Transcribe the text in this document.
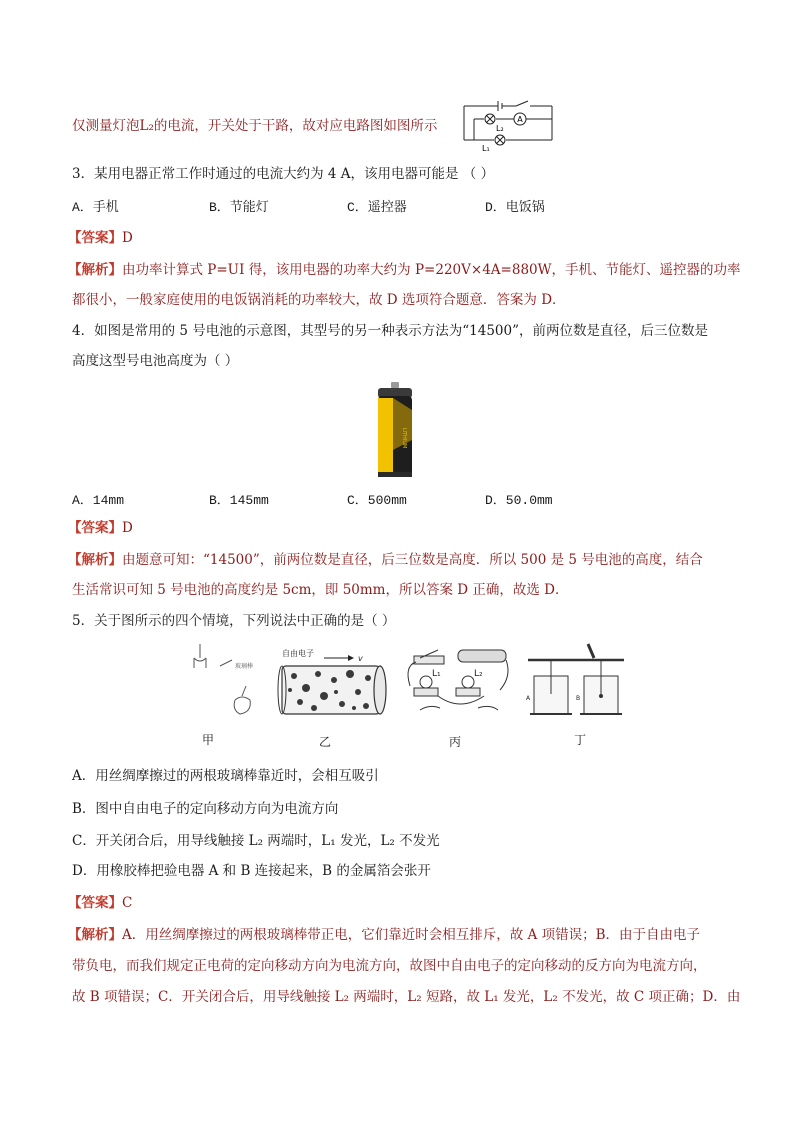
仅测量灯泡L₂的电流，开关处于干路，故对应电路图如图所示	A
L₂
L₁
3．某用电器正常工作时通过的电流大约为 4 A，该用电器可能是 （ ）
A．手机	B．节能灯	C．遥控器	D．电饭锅
【答案】D
【解析】由功率计算式 P=UI 得，该用电器的功率大约为 P=220V×4A=880W，手机、节能灯、遥控器的功率
都很小，一般家庭使用的电饭锅消耗的功率较大，故 D 选项符合题意．答案为 D．
4．如图是常用的 5 号电池的示意图，其型号的另一种表示方法为“14500”，前两位数是直径，后三位数是
高度这型号电池高度为（ ）
LITHIUM
A．14mm	B．145mm	C．500mm	D．50.0mm
【答案】D
【解析】由题意可知：“14500”，前两位数是直径，后三位数是高度．所以 500 是 5 号电池的高度，结合
生活常识可知 5 号电池的高度约是 5cm，即 50mm，所以答案 D 正确，故选 D．
5．关于图所示的四个情境，下列说法中正确的是（ ）
玻璃棒
自由电子
v
L₁	L₂
A	B
甲	乙	丙	丁
A．用丝绸摩擦过的两根玻璃棒靠近时，会相互吸引
B．图中自由电子的定向移动方向为电流方向
C．开关闭合后，用导线触接 L₂ 两端时，L₁ 发光，L₂ 不发光
D．用橡胶棒把验电器 A 和 B 连接起来，B 的金属箔会张开
【答案】C
【解析】A．用丝绸摩擦过的两根玻璃棒带正电，它们靠近时会相互排斥，故 A 项错误；B．由于自由电子
带负电，而我们规定正电荷的定向移动方向为电流方向，故图中自由电子的定向移动的反方向为电流方向，
故 B 项错误；C．开关闭合后，用导线触接 L₂ 两端时，L₂ 短路，故 L₁ 发光，L₂ 不发光，故 C 项正确；D．由
